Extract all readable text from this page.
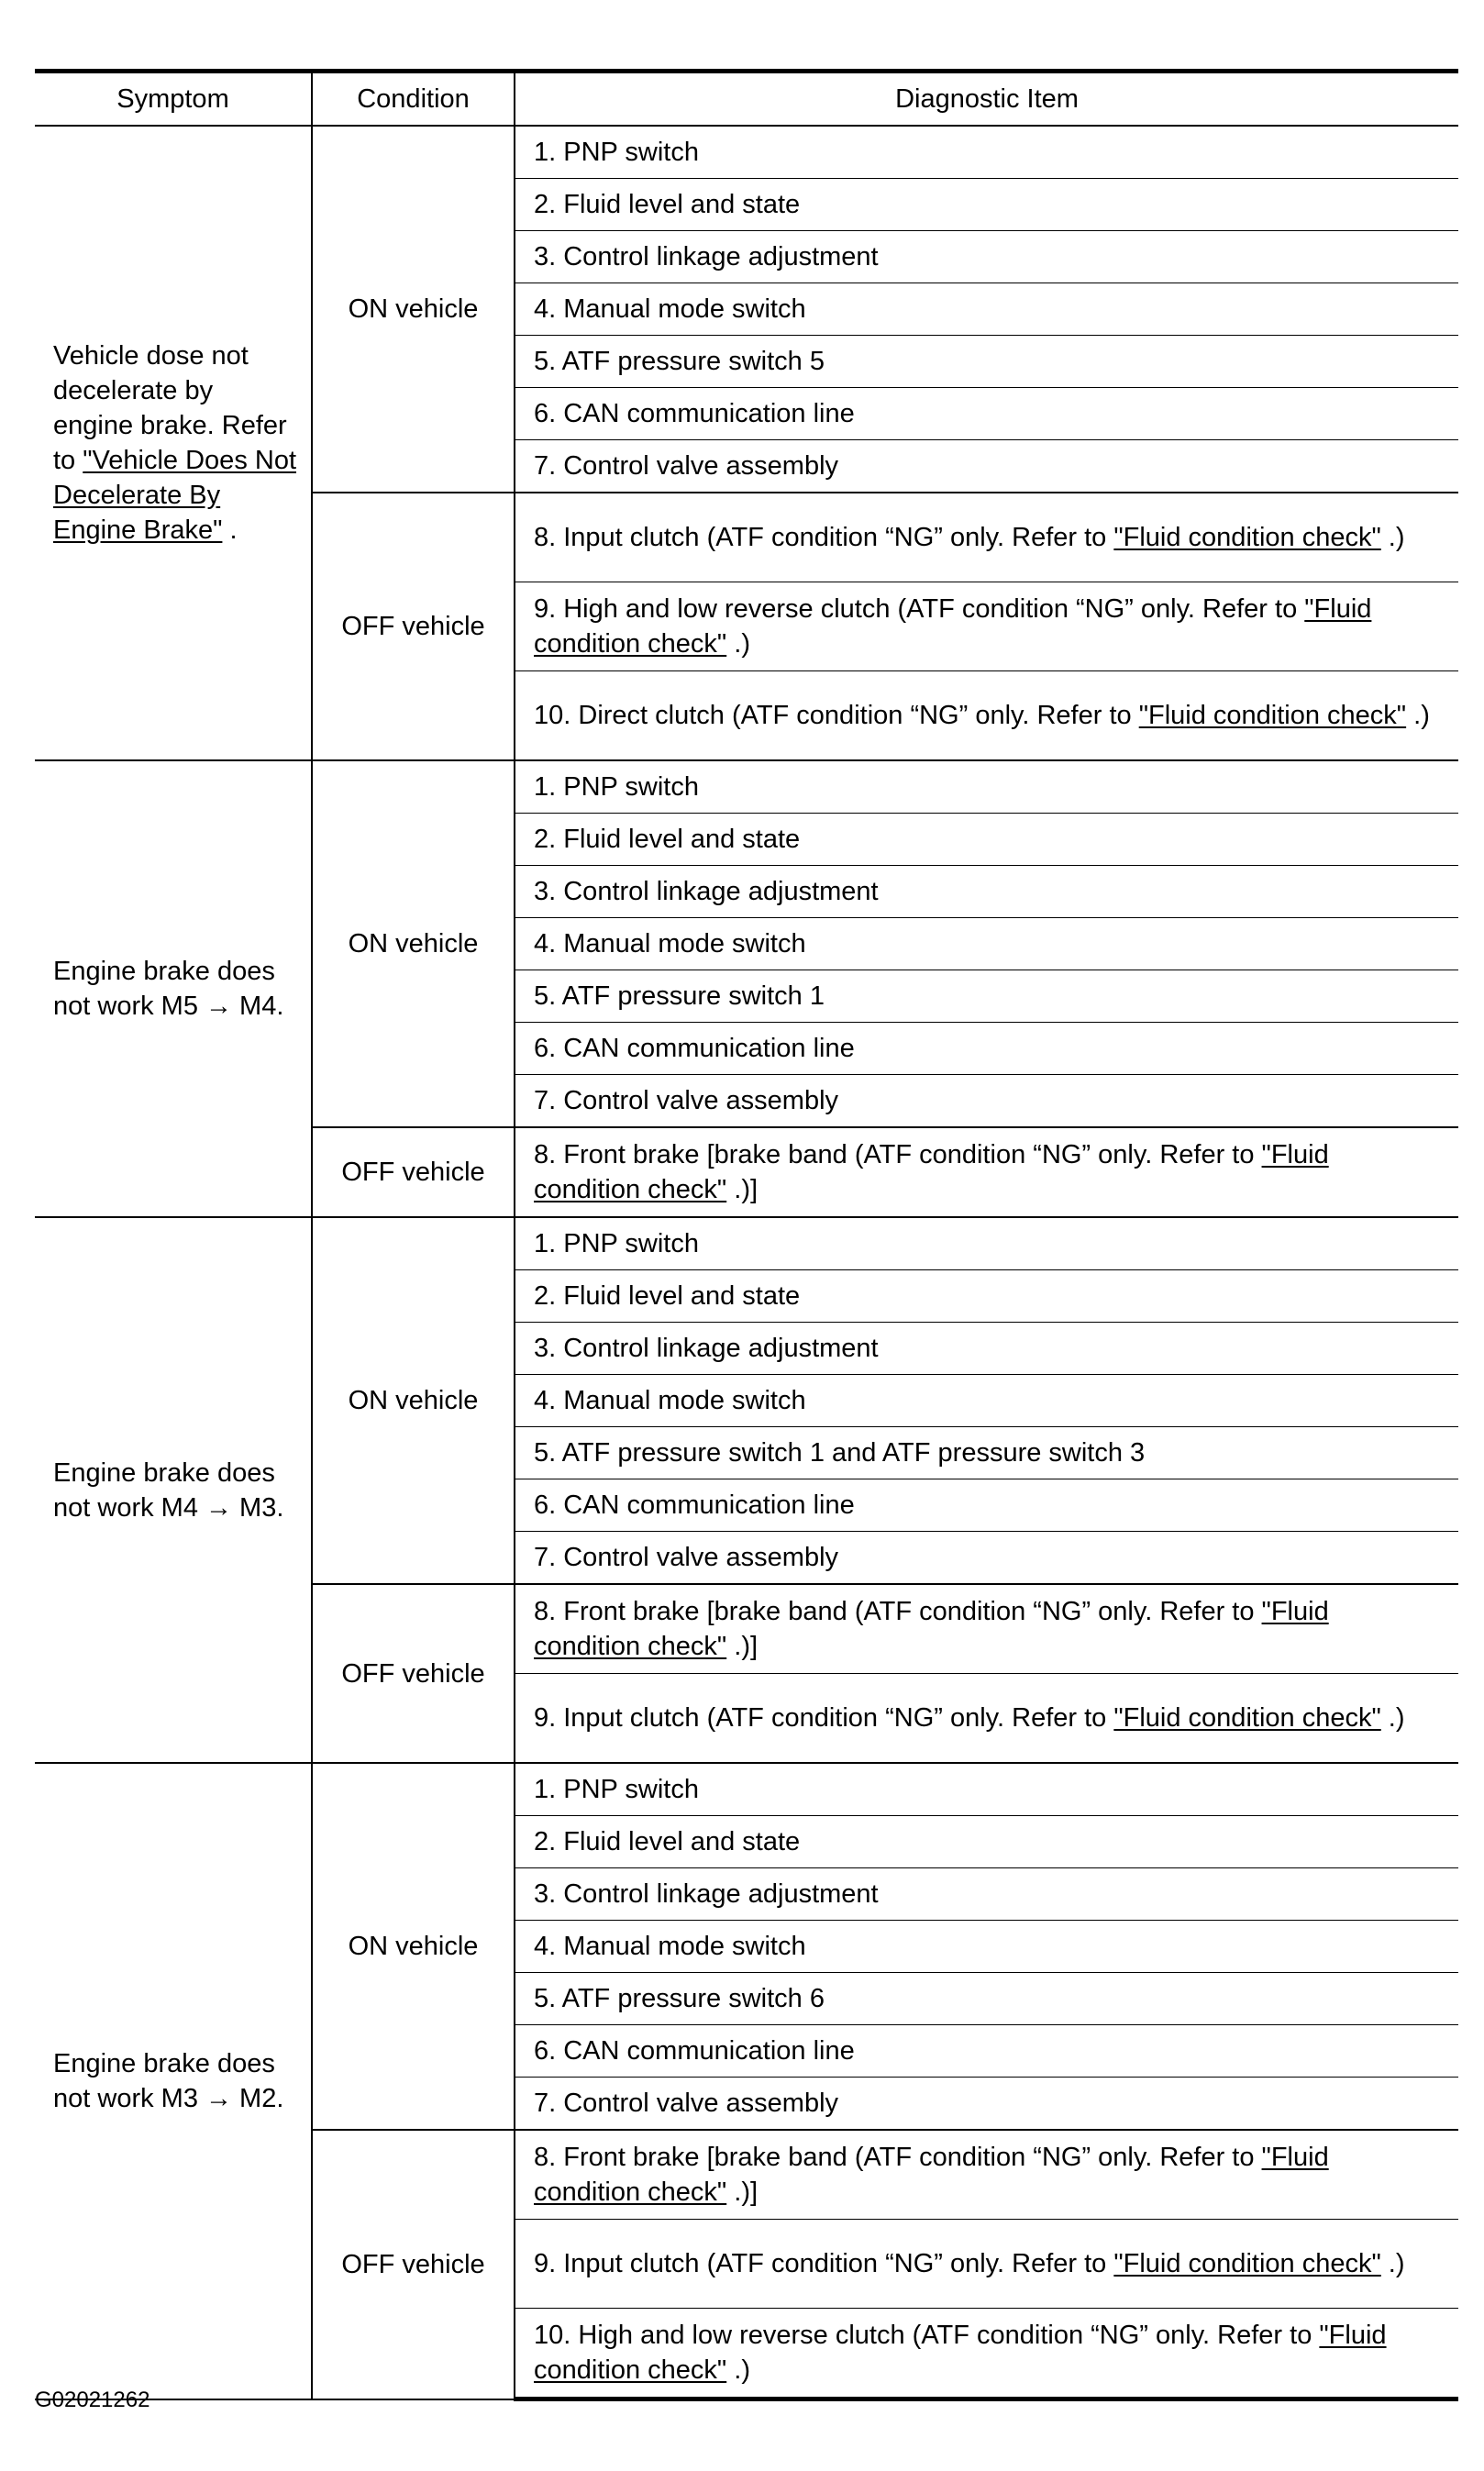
Symptom	Condition	Diagnostic Item
Vehicle dose not decelerate by engine brake. Refer to "Vehicle Does Not Decelerate By Engine Brake" .	ON vehicle	1. PNP switch
		2. Fluid level and state
		3. Control linkage adjustment
		4. Manual mode switch
		5. ATF pressure switch 5
		6. CAN communication line
		7. Control valve assembly
	OFF vehicle	8. Input clutch (ATF condition “NG” only. Refer to "Fluid condition check" .)
		9. High and low reverse clutch (ATF condition “NG” only. Refer to "Fluid condition check" .)
		10. Direct clutch (ATF condition “NG” only. Refer to "Fluid condition check" .)
Engine brake does not work M5 → M4.	ON vehicle	1. PNP switch
		2. Fluid level and state
		3. Control linkage adjustment
		4. Manual mode switch
		5. ATF pressure switch 1
		6. CAN communication line
		7. Control valve assembly
	OFF vehicle	8. Front brake [brake band (ATF condition “NG” only. Refer to "Fluid condition check" .)]
Engine brake does not work M4 → M3.	ON vehicle	1. PNP switch
		2. Fluid level and state
		3. Control linkage adjustment
		4. Manual mode switch
		5. ATF pressure switch 1 and ATF pressure switch 3
		6. CAN communication line
		7. Control valve assembly
	OFF vehicle	8. Front brake [brake band (ATF condition “NG” only. Refer to "Fluid condition check" .)]
		9. Input clutch (ATF condition “NG” only. Refer to "Fluid condition check" .)
Engine brake does not work M3 → M2.	ON vehicle	1. PNP switch
		2. Fluid level and state
		3. Control linkage adjustment
		4. Manual mode switch
		5. ATF pressure switch 6
		6. CAN communication line
		7. Control valve assembly
	OFF vehicle	8. Front brake [brake band (ATF condition “NG” only. Refer to "Fluid condition check" .)]
		9. Input clutch (ATF condition “NG” only. Refer to "Fluid condition check" .)
		10. High and low reverse clutch (ATF condition “NG” only. Refer to "Fluid condition check" .)
G02021262
